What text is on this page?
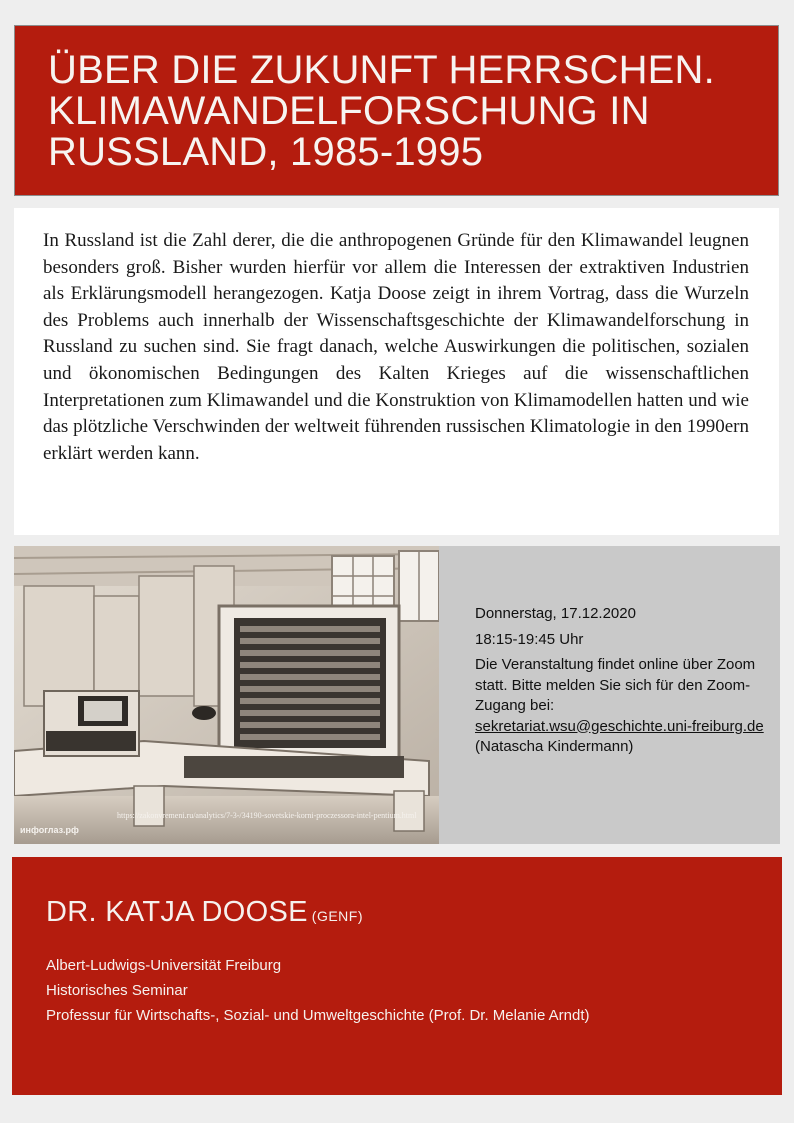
ÜBER DIE ZUKUNFT HERRSCHEN.
KLIMAWANDELFORSCHUNG IN
RUSSLAND, 1985-1995

In Russland ist die Zahl derer, die die anthropogenen Gründe für den Klimawandel leugnen besonders groß. Bisher wurden hierfür vor allem die Interessen der extraktiven Industrien als Erklärungsmodell herangezogen. Katja Doose zeigt in ihrem Vortrag, dass die Wurzeln des Problems auch innerhalb der Wissenschaftsgeschichte der Klimawandelforschung in Russland zu suchen sind. Sie fragt danach, welche Auswirkungen die politischen, sozialen und ökonomischen Bedingungen des Kalten Krieges auf die wissenschaftlichen Interpretationen zum Klimawandel und die Konstruktion von Klimamodellen hatten und wie das plötzliche Verschwinden der weltweit führenden russischen Klimatologie in den 1990ern erklärt werden kann.

https://zakonvremeni.ru/analytics/7-3-/34190-sovetskie-korni-proczessora-intel-pentium.html
инфоглаз.рф
Donnerstag, 17.12.2020
18:15-19:45 Uhr
Die Veranstaltung findet online über Zoom statt. Bitte melden Sie sich für den Zoom-Zugang bei: sekretariat.wsu@geschichte.uni-freiburg.de (Natascha Kindermann)
DR. KATJA DOOSE (GENF)
Albert-Ludwigs-Universität Freiburg
Historisches Seminar
Professur für Wirtschafts-, Sozial- und Umweltgeschichte (Prof. Dr. Melanie Arndt)
